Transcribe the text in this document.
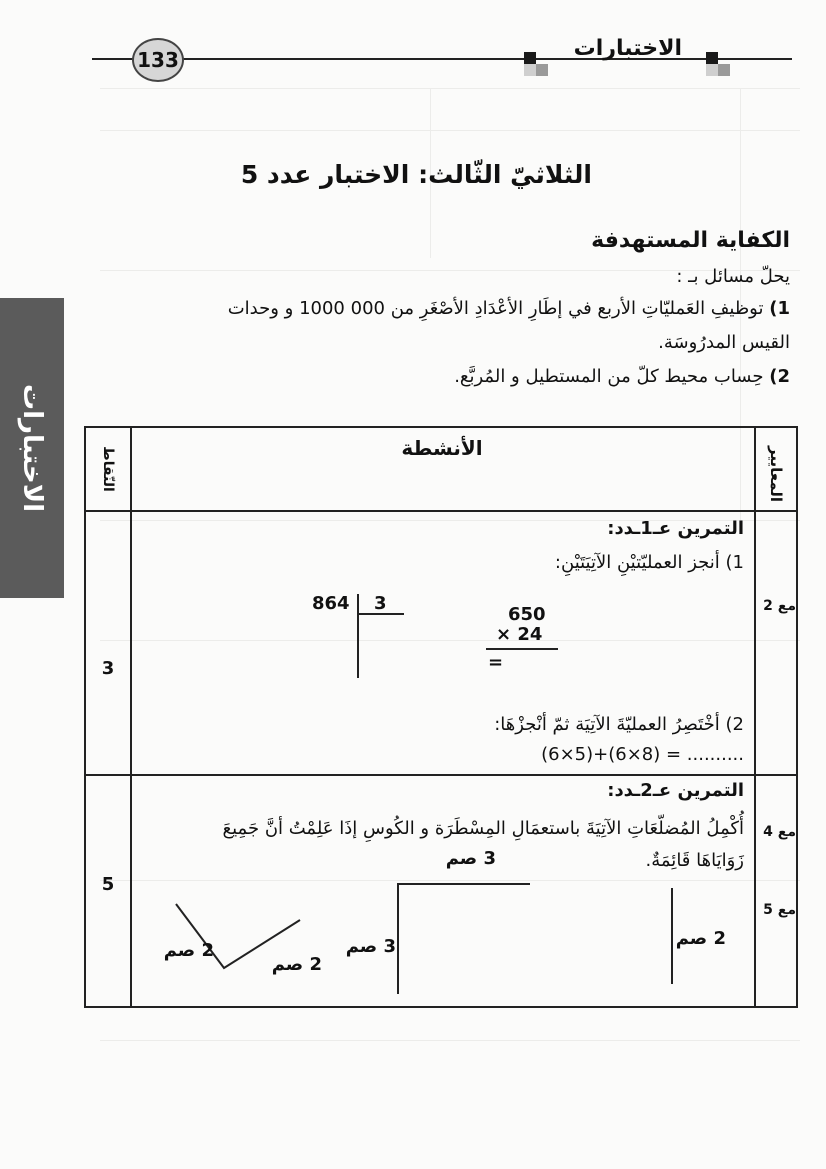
133	الاختبارات
الاختبارات
الثلاثيّ الثّالث: الاختبار عدد 5
الكفاية المستهدفة
يحلّ مسائل بـ :
1) توظيفِ العَمليّاتِ الأربع في إطَارِ الأعْدَادِ الأصْغَرِ من 000 1000 و وحدات
القيس المدرُوسَة.
2) حِساب محيط كلّ من المستطيل و المُربَّع.
المعايير
الأنشطة
النّقاط
التمرين عـ1ـدد:
1) أنجز العمليّتيْنِ الآتِيَتَيْنِ:
864 3
650
× 24
=
2) أخْتَصِرُ العمليّةَ الآتِيَة ثمّ أنْجزْهَا:
(6×5)+(6×8) = ..........
مع 2
3
التمرين عـ2ـدد:
أُكْمِلُ المُضلّعَاتِ الآتِيَةَ باستعمَالِ المِسْطَرَة و الكُوسِ إذَا عَلِمْتُ أنَّ جَمِيعَ
زَوَايَاهَا قَائِمَةٌ.
مع 4
مع 5
5
2 صم
3 صم
3 صم
2 صم
2 صم
